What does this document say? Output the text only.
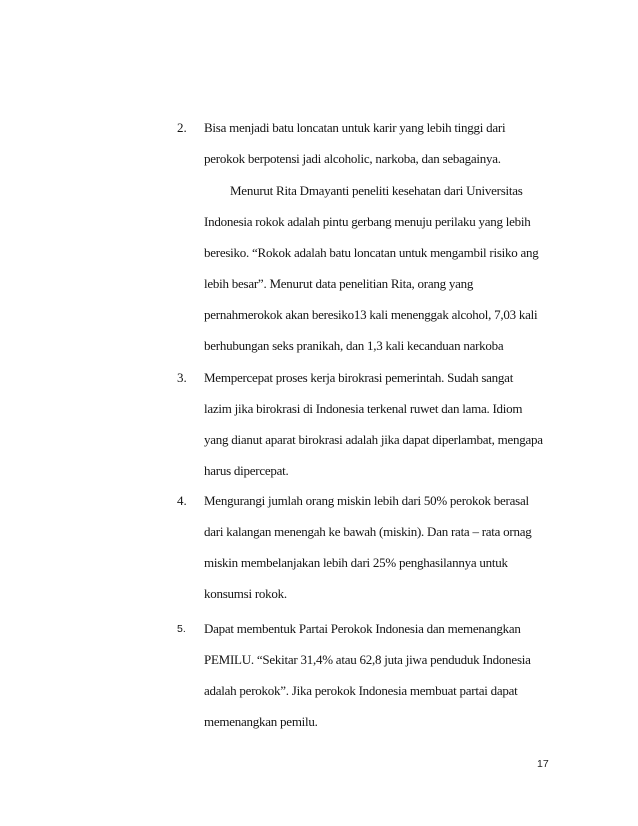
2. Bisa menjadi batu loncatan untuk karir yang lebih tinggi dari
perokok berpotensi jadi alcoholic, narkoba, dan sebagainya.
Menurut Rita Dmayanti peneliti kesehatan dari Universitas
Indonesia rokok adalah pintu gerbang menuju perilaku yang lebih
beresiko. “Rokok adalah batu loncatan untuk mengambil risiko ang
lebih besar”. Menurut data penelitian Rita, orang yang
pernahmerokok akan beresiko13 kali menenggak alcohol, 7,03 kali
berhubungan seks pranikah, dan 1,3 kali kecanduan narkoba
3. Mempercepat proses kerja birokrasi pemerintah. Sudah sangat
lazim jika birokrasi di Indonesia terkenal ruwet dan lama. Idiom
yang dianut aparat birokrasi adalah jika dapat diperlambat, mengapa
harus dipercepat.
4. Mengurangi jumlah orang miskin lebih dari 50% perokok berasal
dari kalangan menengah ke bawah (miskin). Dan rata – rata ornag
miskin membelanjakan lebih dari 25% penghasilannya untuk
konsumsi rokok.
5. Dapat membentuk Partai Perokok Indonesia dan memenangkan
PEMILU. “Sekitar 31,4% atau 62,8 juta jiwa penduduk Indonesia
adalah perokok”. Jika perokok Indonesia membuat partai dapat
memenangkan pemilu.
17
